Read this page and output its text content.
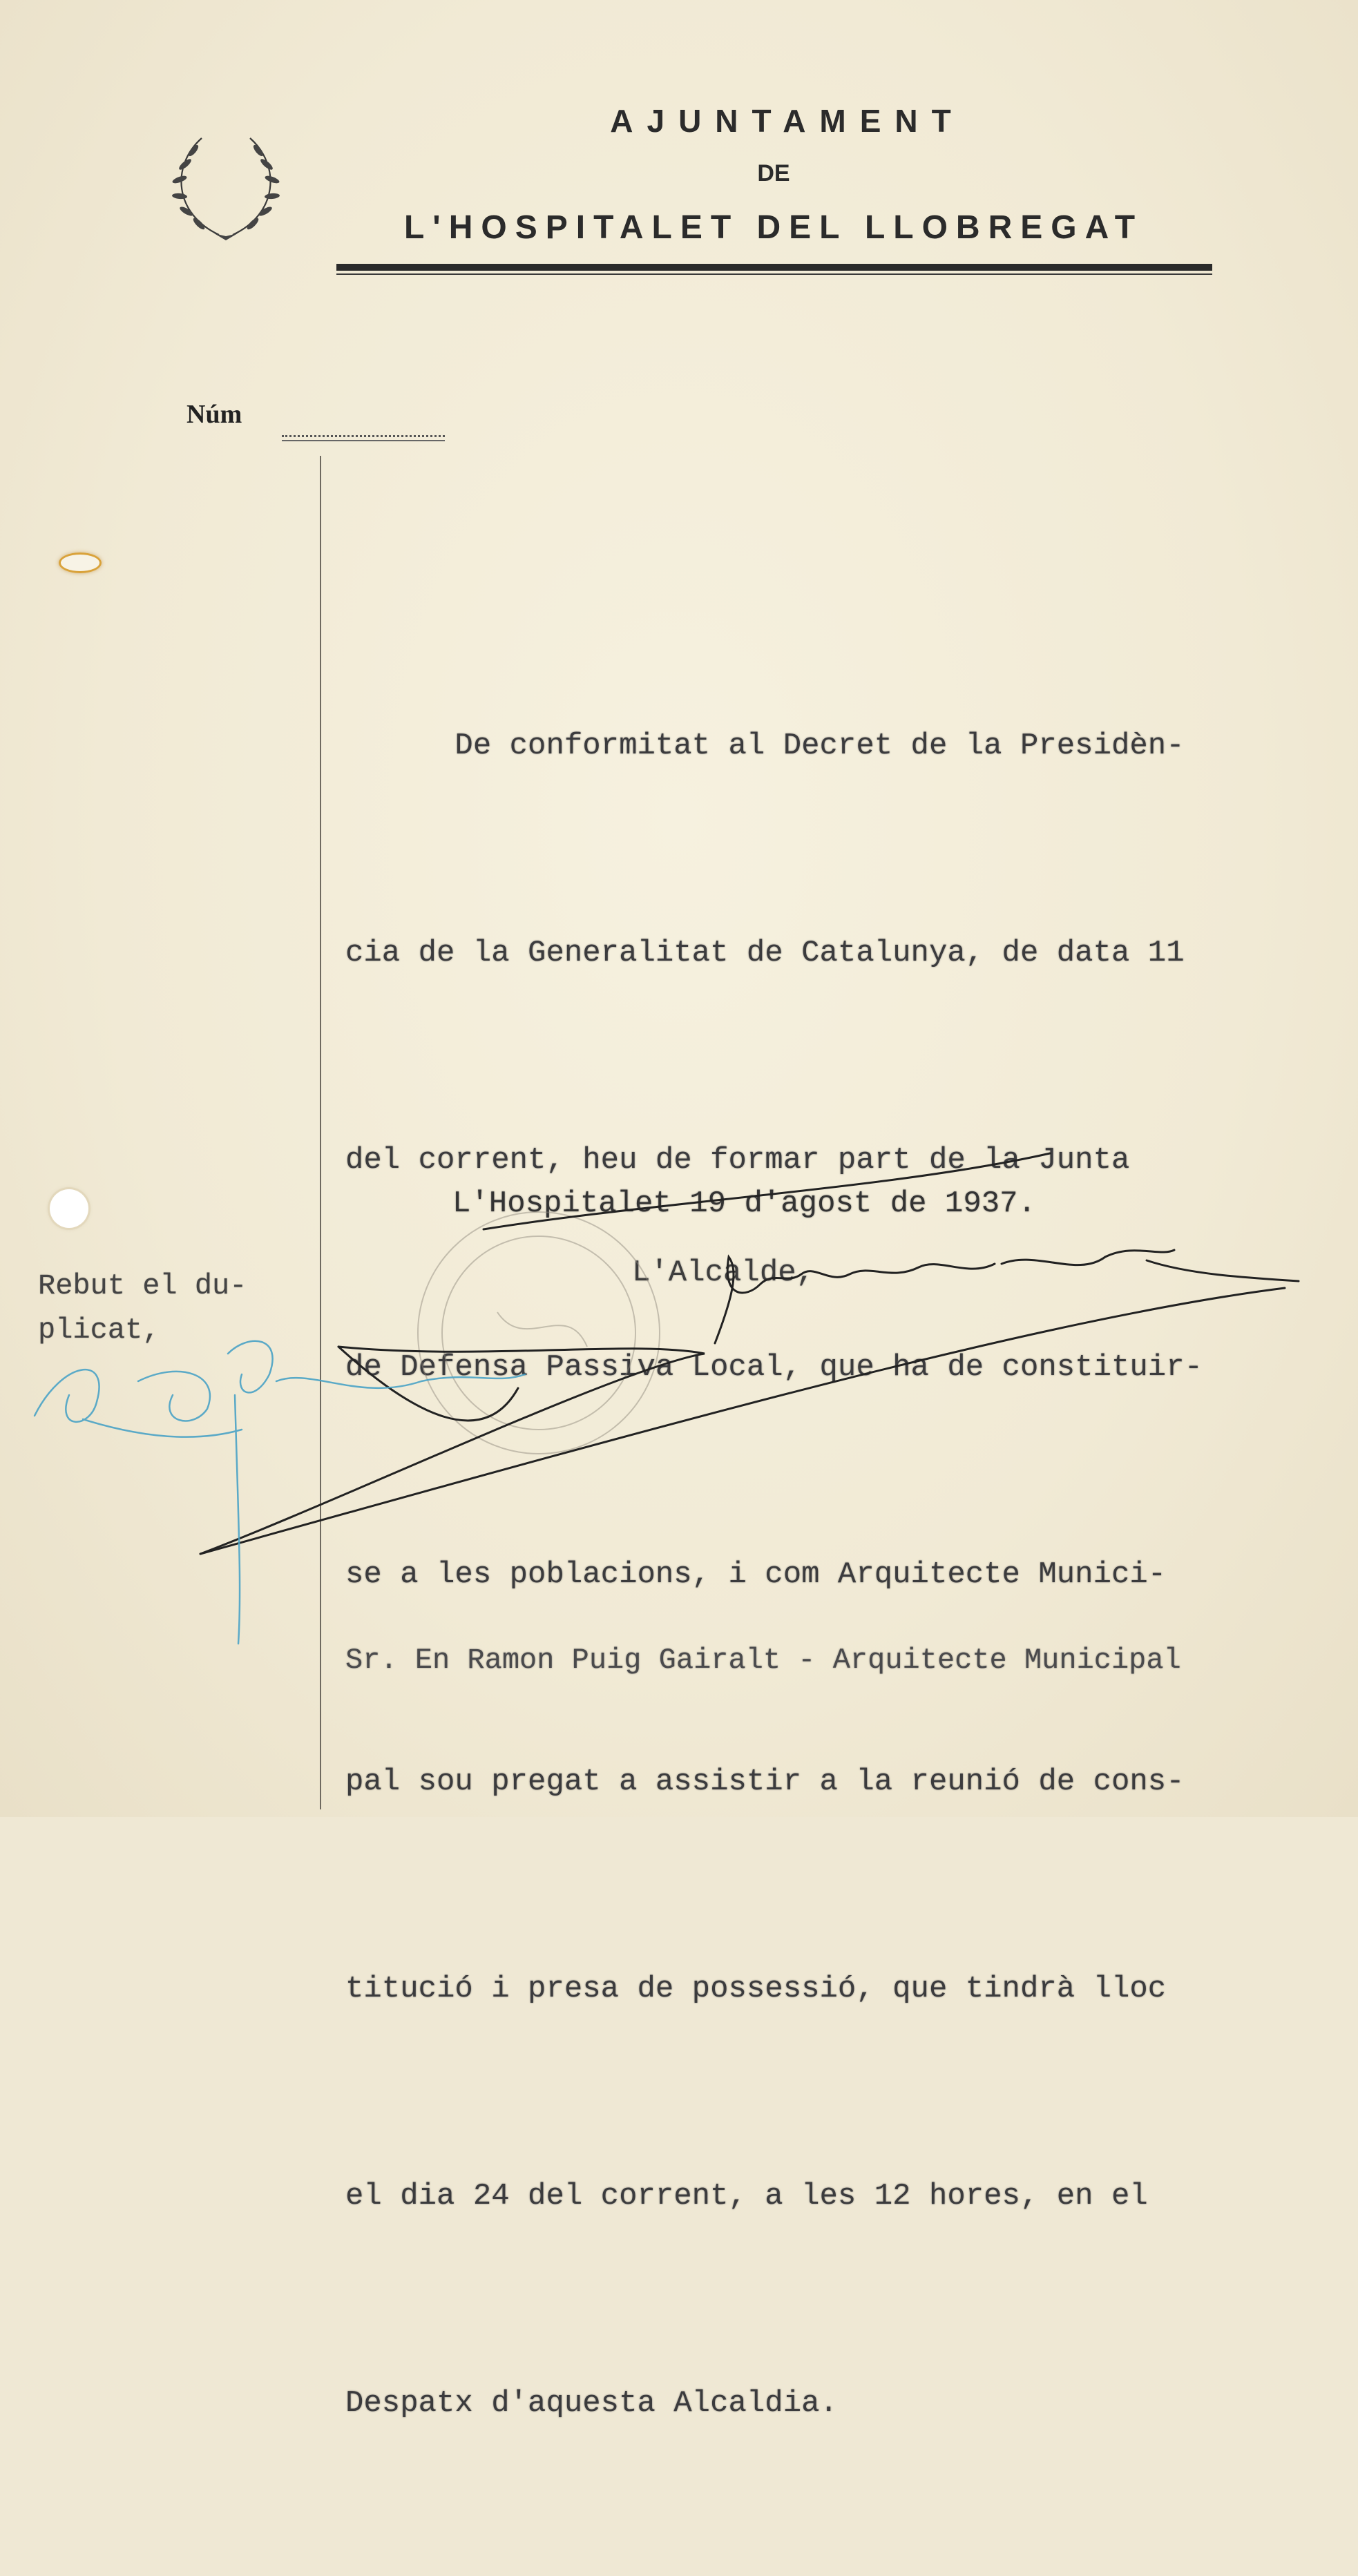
AJUNTAMENT
DE
L'HOSPITALET DEL LLOBREGAT
Núm

De conformitat al Decret de la Presidèn-

cia de la Generalitat de Catalunya, de data 11

del corrent, heu de formar part de la Junta

de Defensa Passiva Local, que ha de constituir-

se a les poblacions, i com Arquitecte Munici-

pal sou pregat a assistir a la reunió de cons-

titució i presa de possessió, que tindrà lloc

el dia 24 del corrent, a les 12 hores, en el

Despatx d'aquesta Alcaldia.

L'Hospitalet 19 d'agost de 1937.
L'Alcalde,
Rebut el du-
plicat,
Sr. En Ramon Puig Gairalt - Arquitecte Municipal
